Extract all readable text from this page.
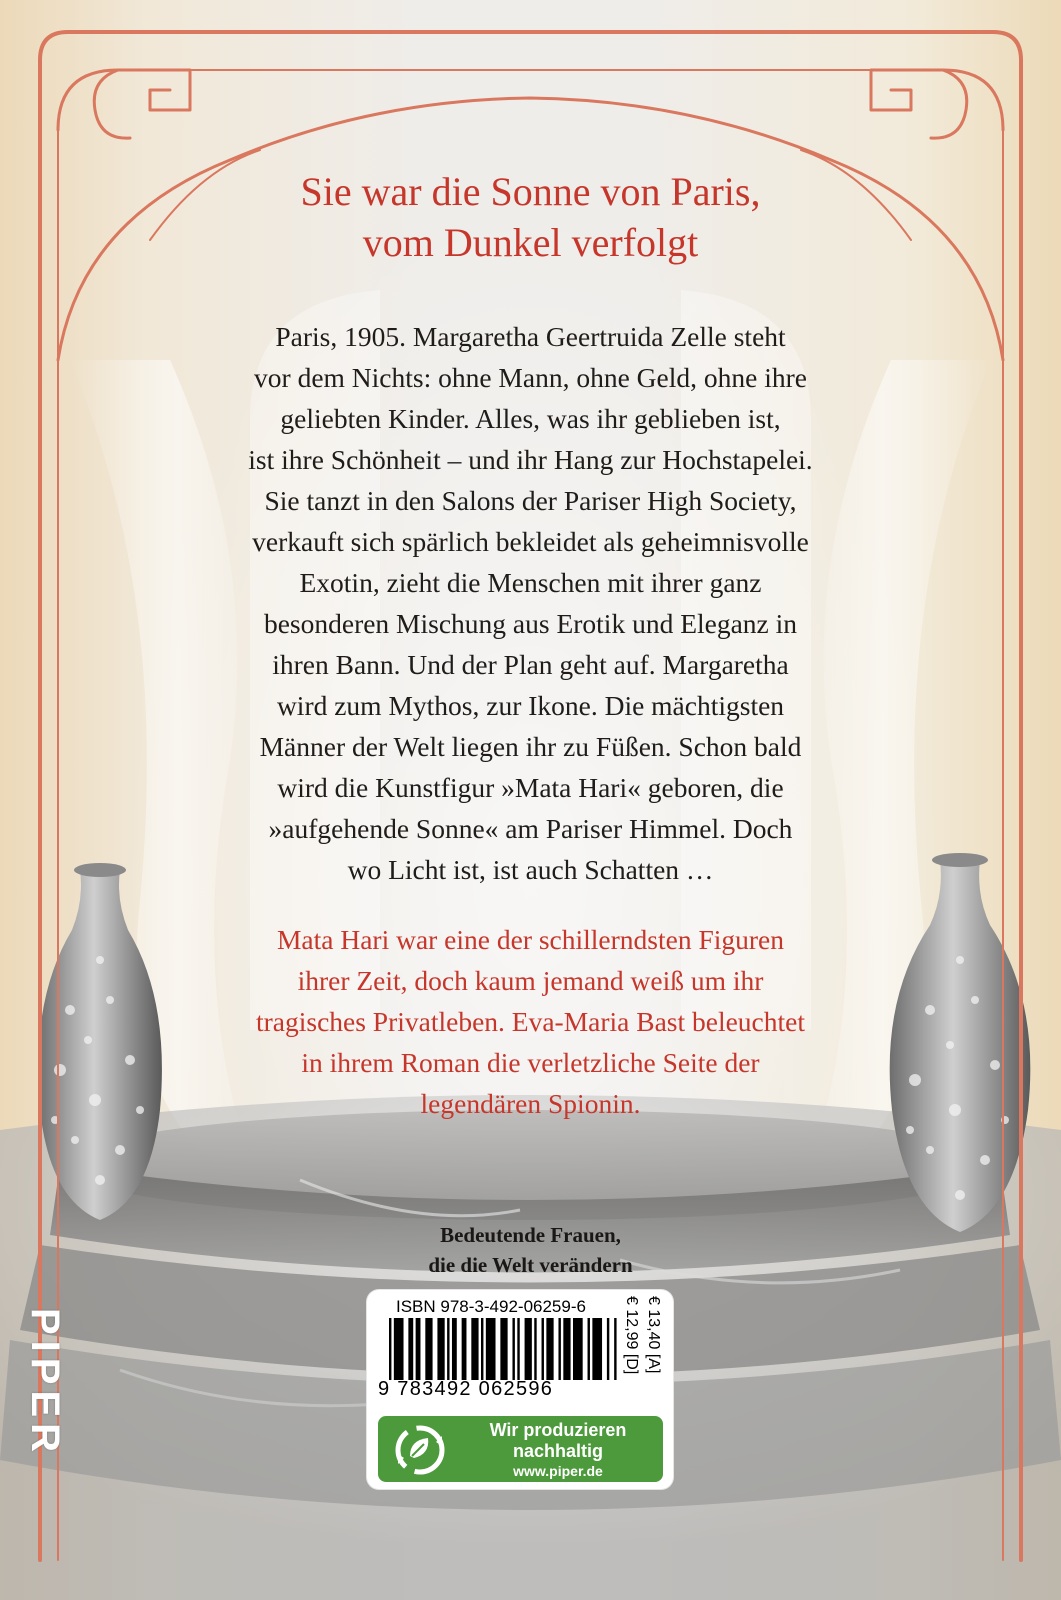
Sie war die Sonne von Paris,
vom Dunkel verfolgt
Paris, 1905. Margaretha Geertruida Zelle steht
vor dem Nichts: ohne Mann, ohne Geld, ohne ihre
geliebten Kinder. Alles, was ihr geblieben ist,
ist ihre Schönheit – und ihr Hang zur Hochstapelei.
Sie tanzt in den Salons der Pariser High Society,
verkauft sich spärlich bekleidet als geheimnisvolle
Exotin, zieht die Menschen mit ihrer ganz
besonderen Mischung aus Erotik und Eleganz in
ihren Bann. Und der Plan geht auf. Margaretha
wird zum Mythos, zur Ikone. Die mächtigsten
Männer der Welt liegen ihr zu Füßen. Schon bald
wird die Kunstfigur »Mata Hari« geboren, die
»aufgehende Sonne« am Pariser Himmel. Doch
wo Licht ist, ist auch Schatten …
Mata Hari war eine der schillerndsten Figuren
ihrer Zeit, doch kaum jemand weiß um ihr
tragisches Privatleben. Eva-Maria Bast beleuchtet
in ihrem Roman die verletzliche Seite der
legendären Spionin.
Bedeutende Frauen,
die die Welt verändern
PIPER
ISBN 978-3-492-06259-6
9 783492 062596
€ 12,99 [D] € 13,40 [A]
Wir produzieren
nachhaltig
www.piper.de
